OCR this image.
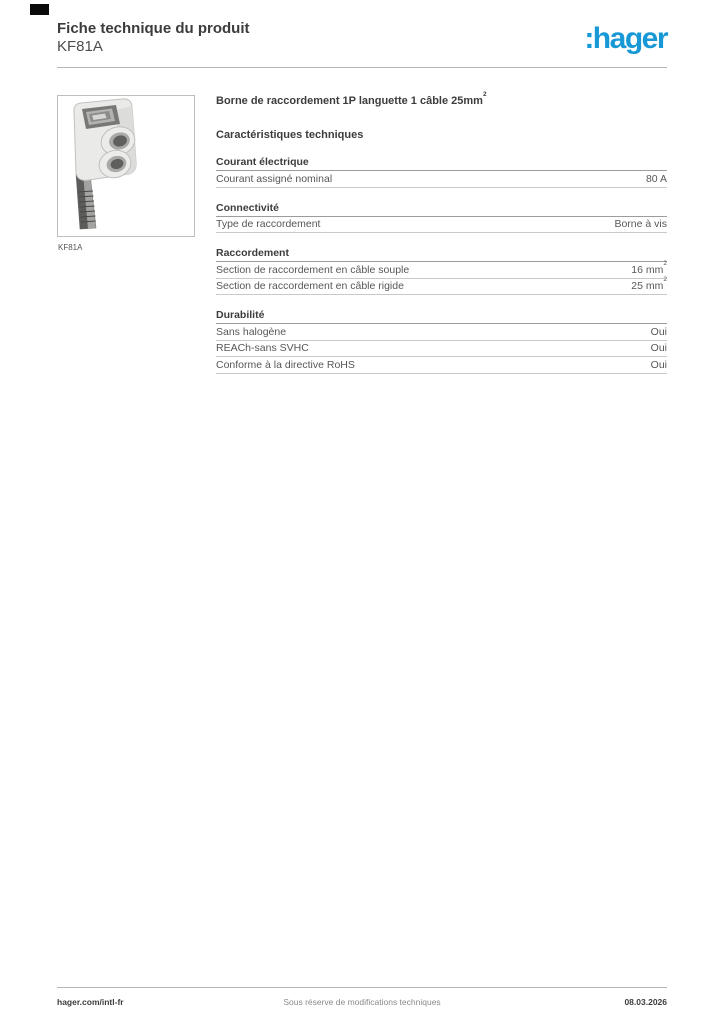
Fiche technique du produit
KF81A	:hager
KF81A
Borne de raccordement 1P languette 1 câble $25mm^2$
Caractéristiques techniques
Courant électrique
Courant assigné nominal	80 A
Connectivité
Type de raccordement	Borne à vis
Raccordement
Section de raccordement en câble souple	16 $mm^2$
Section de raccordement en câble rigide	25 $mm^2$
Durabilité
Sans halogène	Oui
REACh-sans SVHC	Oui
Conforme à la directive RoHS	Oui
hager.com/intl-fr	Sous réserve de modifications techniques	08.03.2026
